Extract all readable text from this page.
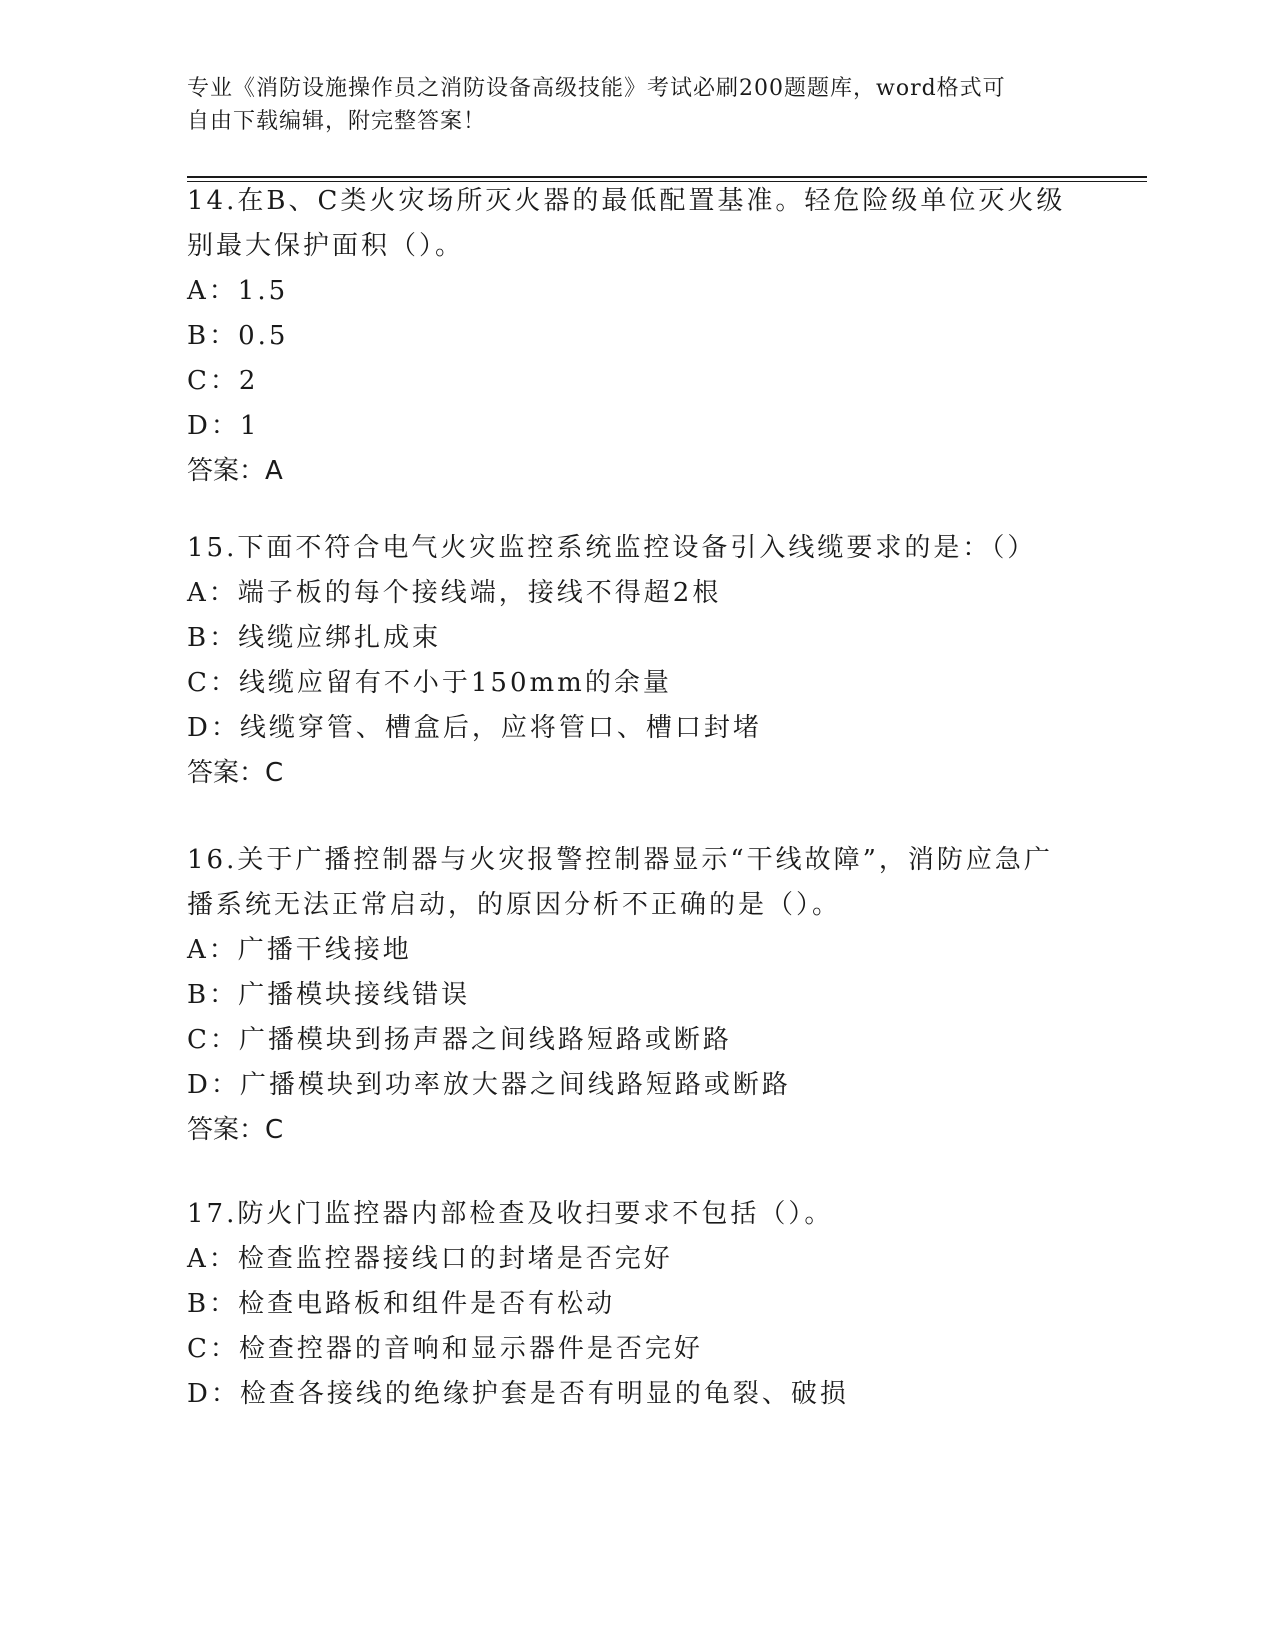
专业《消防设施操作员之消防设备高级技能》考试必刷200题题库，word格式可
自由下载编辑，附完整答案！
14.在B、C类火灾场所灭火器的最低配置基准。轻危险级单位灭火级
别最大保护面积（）。
A：1.5
B：0.5
C：2
D：1
答案：A
15.下面不符合电气火灾监控系统监控设备引入线缆要求的是：（）
A：端子板的每个接线端，接线不得超2根
B：线缆应绑扎成束
C：线缆应留有不小于150mm的余量
D：线缆穿管、槽盒后，应将管口、槽口封堵
答案：C
16.关于广播控制器与火灾报警控制器显示“干线故障”，消防应急广
播系统无法正常启动，的原因分析不正确的是（）。
A：广播干线接地
B：广播模块接线错误
C：广播模块到扬声器之间线路短路或断路
D：广播模块到功率放大器之间线路短路或断路
答案：C
17.防火门监控器内部检查及收扫要求不包括（）。
A：检查监控器接线口的封堵是否完好
B：检查电路板和组件是否有松动
C：检查控器的音响和显示器件是否完好
D：检查各接线的绝缘护套是否有明显的龟裂、破损
